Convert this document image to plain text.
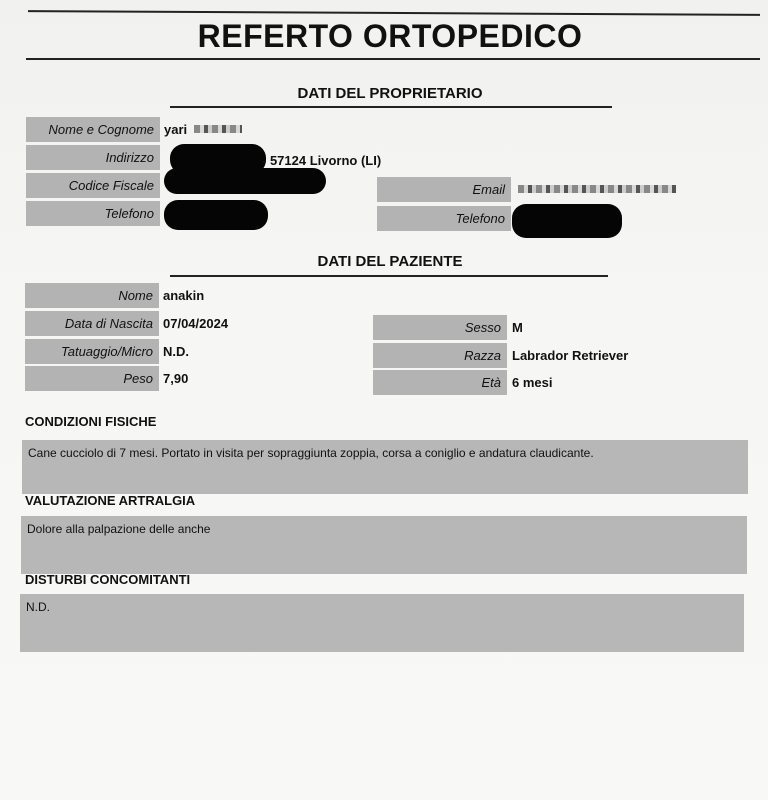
REFERTO ORTOPEDICO
DATI DEL PROPRIETARIO
Nome e Cognome yari
Indirizzo	- 57124 Livorno (LI)
Codice Fiscale
Telefono
Email
Telefono
DATI DEL PAZIENTE
Nome anakin
Data di Nascita 07/04/2024
Tatuaggio/Micro N.D.
Peso 7,90
Sesso M
Razza Labrador Retriever
Età 6 mesi
CONDIZIONI FISICHE
Cane cucciolo di 7 mesi. Portato in visita per sopraggiunta zoppia, corsa a coniglio e andatura claudicante.
VALUTAZIONE ARTRALGIA
Dolore alla palpazione delle anche
DISTURBI CONCOMITANTI
N.D.
